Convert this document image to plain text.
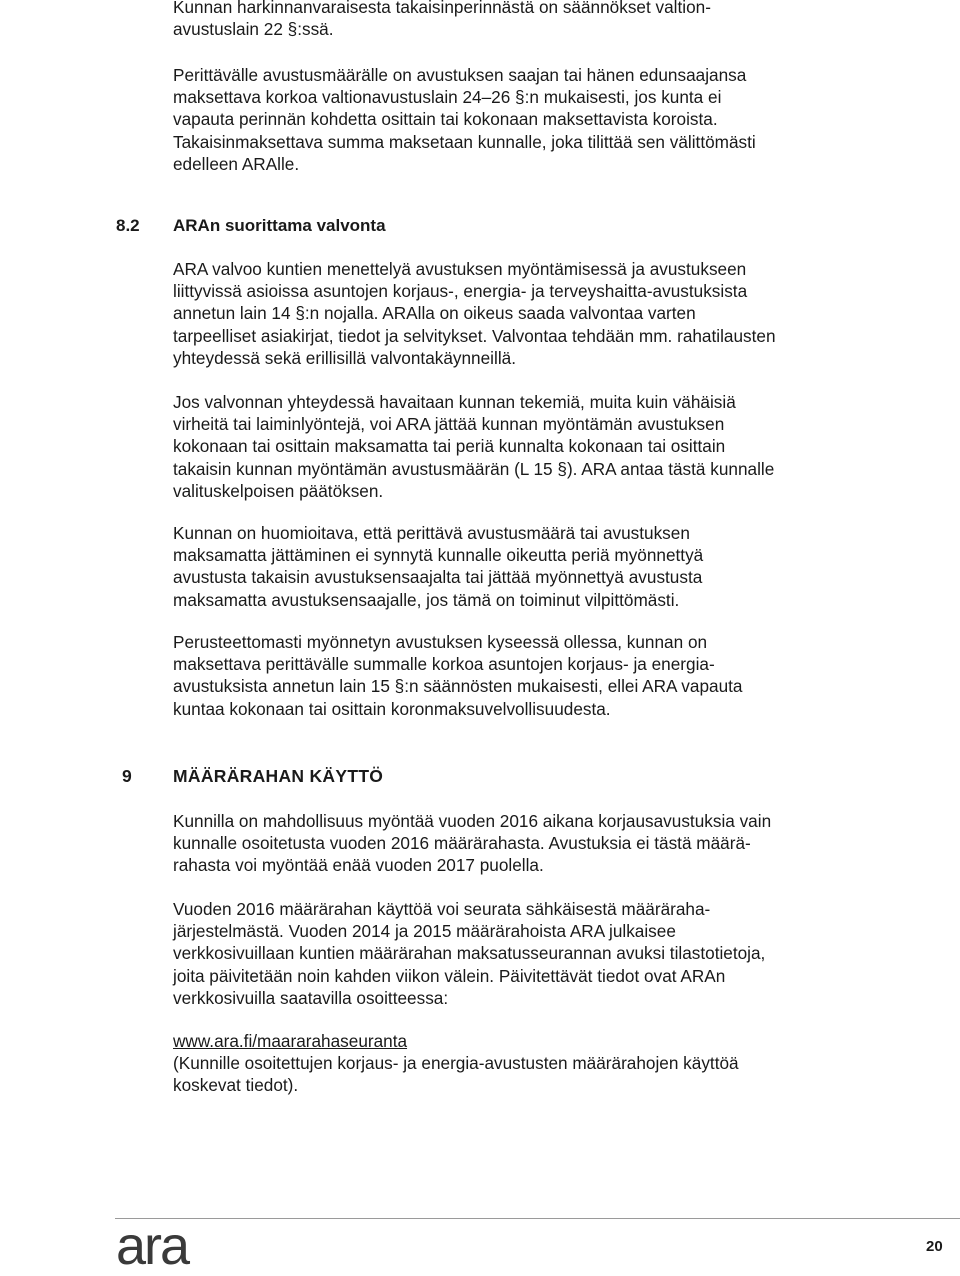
Kunnan harkinnanvaraisesta takaisinperinnästä on säännökset valtion-
avustuslain 22 §:ssä.
Perittävälle avustusmäärälle on avustuksen saajan tai hänen edunsaajansa
maksettava korkoa valtionavustuslain 24–26 §:n mukaisesti, jos kunta ei
vapauta perinnän kohdetta osittain tai kokonaan maksettavista koroista.
Takaisinmaksettava summa maksetaan kunnalle, joka tilittää sen välittömästi
edelleen ARAlle.
8.2 ARAn suorittama valvonta
ARA valvoo kuntien menettelyä avustuksen myöntämisessä ja avustukseen
liittyvissä asioissa asuntojen korjaus-, energia- ja terveyshaitta-avustuksista
annetun lain 14 §:n nojalla. ARAlla on oikeus saada valvontaa varten
tarpeelliset asiakirjat, tiedot ja selvitykset. Valvontaa tehdään mm. rahatilausten
yhteydessä sekä erillisillä valvontakäynneillä.
Jos valvonnan yhteydessä havaitaan kunnan tekemiä, muita kuin vähäisiä
virheitä tai laiminlyöntejä, voi ARA jättää kunnan myöntämän avustuksen
kokonaan tai osittain maksamatta tai periä kunnalta kokonaan tai osittain
takaisin kunnan myöntämän avustusmäärän (L 15 §). ARA antaa tästä kunnalle
valituskelpoisen päätöksen.
Kunnan on huomioitava, että perittävä avustusmäärä tai avustuksen
maksamatta jättäminen ei synnytä kunnalle oikeutta periä myönnettyä
avustusta takaisin avustuksensaajalta tai jättää myönnettyä avustusta
maksamatta avustuksensaajalle, jos tämä on toiminut vilpittömästi.
Perusteettomasti myönnetyn avustuksen kyseessä ollessa, kunnan on
maksettava perittävälle summalle korkoa asuntojen korjaus- ja energia-
avustuksista annetun lain 15 §:n säännösten mukaisesti, ellei ARA vapauta
kuntaa kokonaan tai osittain koronmaksuvelvollisuudesta.
9 MÄÄRÄRAHAN KÄYTTÖ
Kunnilla on mahdollisuus myöntää vuoden 2016 aikana korjausavustuksia vain
kunnalle osoitetusta vuoden 2016 määrärahasta. Avustuksia ei tästä määrä-
rahasta voi myöntää enää vuoden 2017 puolella.
Vuoden 2016 määrärahan käyttöä voi seurata sähkäisestä määräraha-
järjestelmästä. Vuoden 2014 ja 2015 määrärahoista ARA julkaisee
verkkosivuillaan kuntien määrärahan maksatusseurannan avuksi tilastotietoja,
joita päivitetään noin kahden viikon välein. Päivitettävät tiedot ovat ARAn
verkkosivuilla saatavilla osoitteessa:
www.ara.fi/maararahaseuranta
(Kunnille osoitettujen korjaus- ja energia-avustusten määrärahojen käyttöä
koskevat tiedot).
ara	20
